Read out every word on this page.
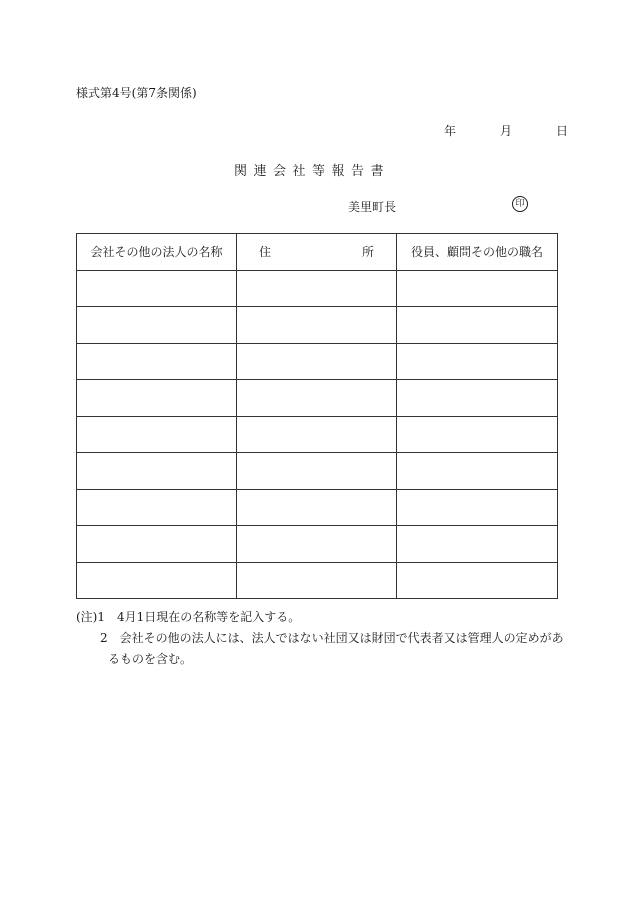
様式第4号(第7条関係)
年	月	日
関連会社等報告書
美里町長	印
会社その他の法人の名称	住 所	役員、顧問その他の職名

(注)1　4月1日現在の名称等を記入する。
2　会社その他の法人には、法人ではない社団又は財団で代表者又は管理人の定めがあ
るものを含む。
